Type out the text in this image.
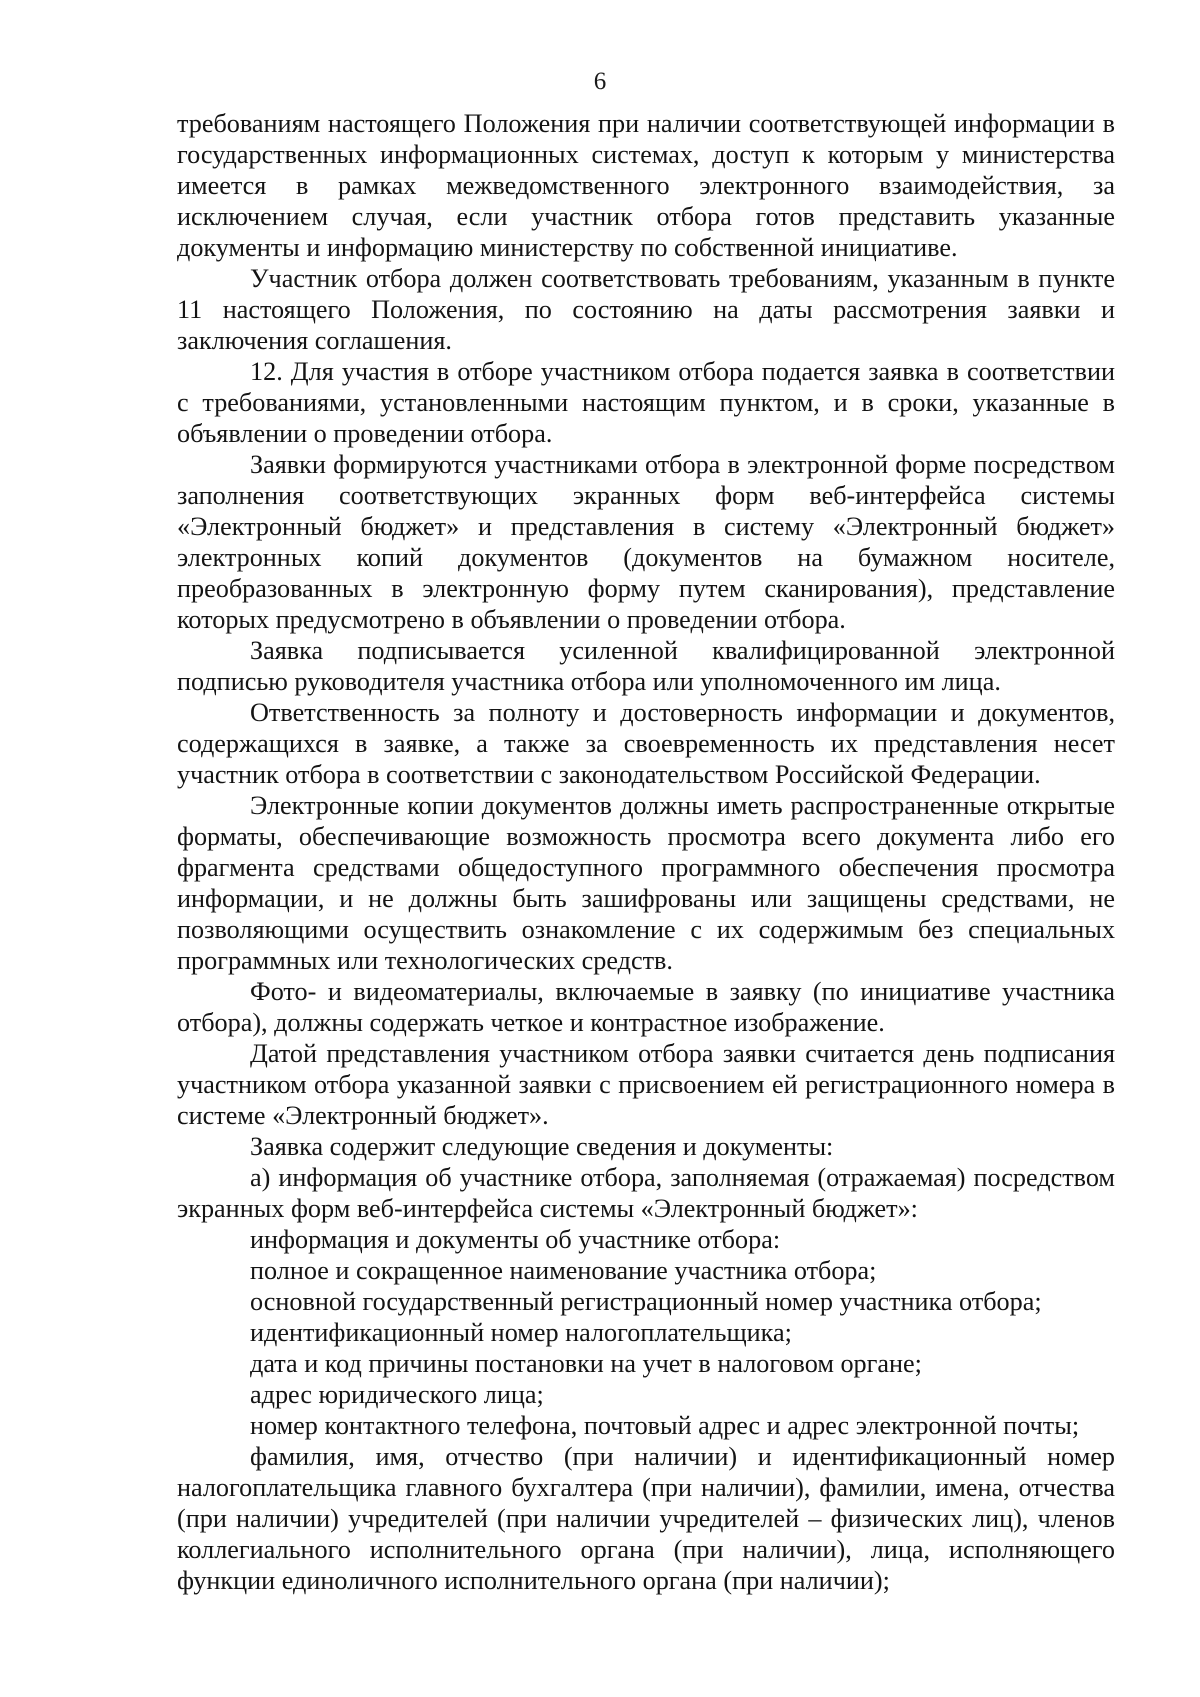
6

требованиям настоящего Положения при наличии соответствующей информации в государственных информационных системах, доступ к которым у министерства имеется в рамках межведомственного электронного взаимодействия, за исключением случая, если участник отбора готов представить указанные документы и информацию министерству по собственной инициативе.

Участник отбора должен соответствовать требованиям, указанным в пункте 11 настоящего Положения, по состоянию на даты рассмотрения заявки и заключения соглашения.

12. Для участия в отборе участником отбора подается заявка в соответствии с требованиями, установленными настоящим пунктом, и в сроки, указанные в объявлении о проведении отбора.

Заявки формируются участниками отбора в электронной форме посредством заполнения соответствующих экранных форм веб-интерфейса системы «Электронный бюджет» и представления в систему «Электронный бюджет» электронных копий документов (документов на бумажном носителе, преобразованных в электронную форму путем сканирования), представление которых предусмотрено в объявлении о проведении отбора.

Заявка подписывается усиленной квалифицированной электронной подписью руководителя участника отбора или уполномоченного им лица.

Ответственность за полноту и достоверность информации и документов, содержащихся в заявке, а также за своевременность их представления несет участник отбора в соответствии с законодательством Российской Федерации.

Электронные копии документов должны иметь распространенные открытые форматы, обеспечивающие возможность просмотра всего документа либо его фрагмента средствами общедоступного программного обеспечения просмотра информации, и не должны быть зашифрованы или защищены средствами, не позволяющими осуществить ознакомление с их содержимым без специальных программных или технологических средств.

Фото- и видеоматериалы, включаемые в заявку (по инициативе участника отбора), должны содержать четкое и контрастное изображение.

Датой представления участником отбора заявки считается день подписания участником отбора указанной заявки с присвоением ей регистрационного номера в системе «Электронный бюджет».

Заявка содержит следующие сведения и документы:

а) информация об участнике отбора, заполняемая (отражаемая) посредством экранных форм веб-интерфейса системы «Электронный бюджет»:

информация и документы об участнике отбора:

полное и сокращенное наименование участника отбора;

основной государственный регистрационный номер участника отбора;

идентификационный номер налогоплательщика;

дата и код причины постановки на учет в налоговом органе;

адрес юридического лица;

номер контактного телефона, почтовый адрес и адрес электронной почты;

фамилия, имя, отчество (при наличии) и идентификационный номер налогоплательщика главного бухгалтера (при наличии), фамилии, имена, отчества (при наличии) учредителей (при наличии учредителей – физических лиц), членов коллегиального исполнительного органа (при наличии), лица, исполняющего функции единоличного исполнительного органа (при наличии);
